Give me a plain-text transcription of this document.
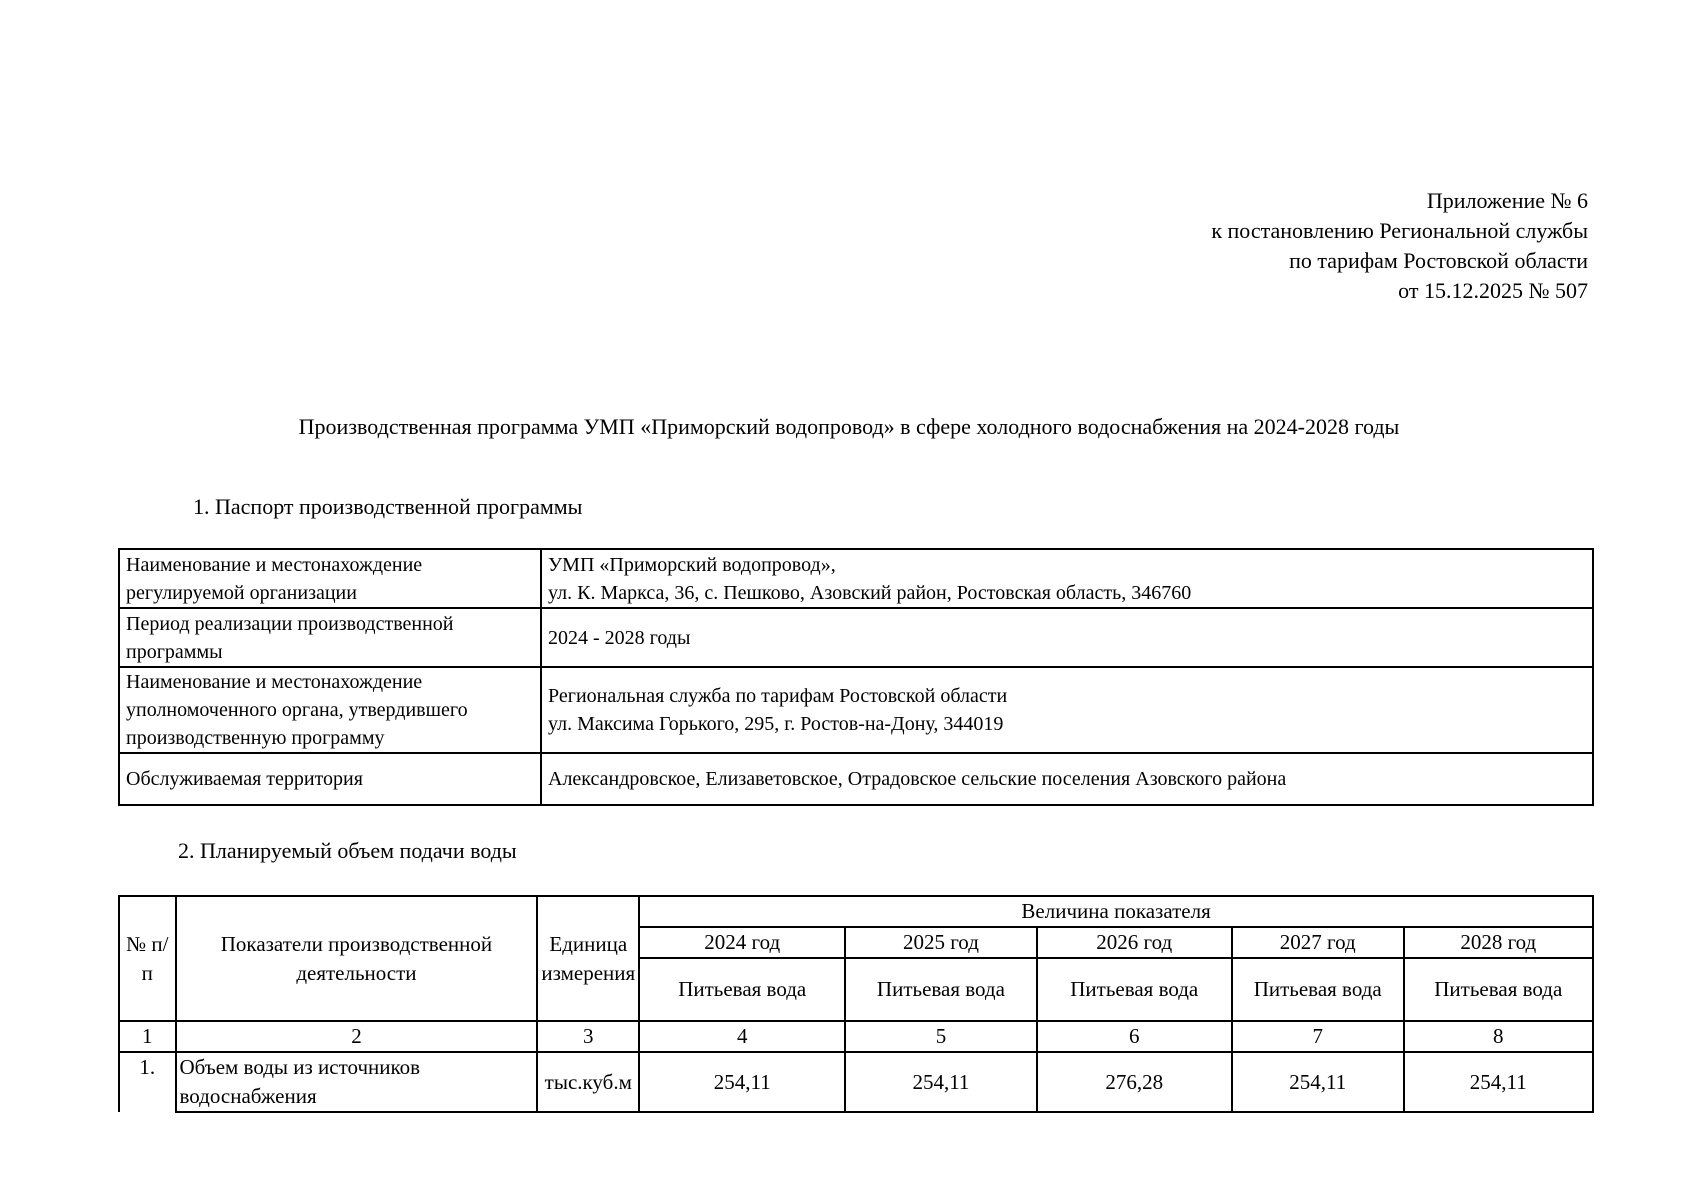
Приложение № 6
к постановлению Региональной службы
по тарифам Ростовской области
от 15.12.2025 № 507
Производственная программа УМП «Приморский водопровод» в сфере холодного водоснабжения на 2024-2028 годы
1. Паспорт производственной программы
Наименование и местонахождение регулируемой организации	УМП «Приморский водопровод»,
ул. К. Маркса, 36, с. Пешково, Азовский район, Ростовская область, 346760

Период реализации производственной программы	2024 - 2028 годы

Наименование и местонахождение уполномоченного органа, утвердившего производственную программу	Региональная служба по тарифам Ростовской области
ул. Максима Горького, 295, г. Ростов-на-Дону, 344019

Обслуживаемая территория	Александровское, Елизаветовское, Отрадовское сельские поселения Азовского района
2. Планируемый объем подачи воды
№ п/п	Показатели производственной деятельности	Единица измерения	Величина показателя				
			2024 год	2025 год	2026 год	2027 год	2028 год
			Питьевая вода	Питьевая вода	Питьевая вода	Питьевая вода	Питьевая вода
1	2	3	4	5	6	7	8
1.	Объем воды из источников водоснабжения	тыс.куб.м	254,11	254,11	276,28	254,11	254,11
